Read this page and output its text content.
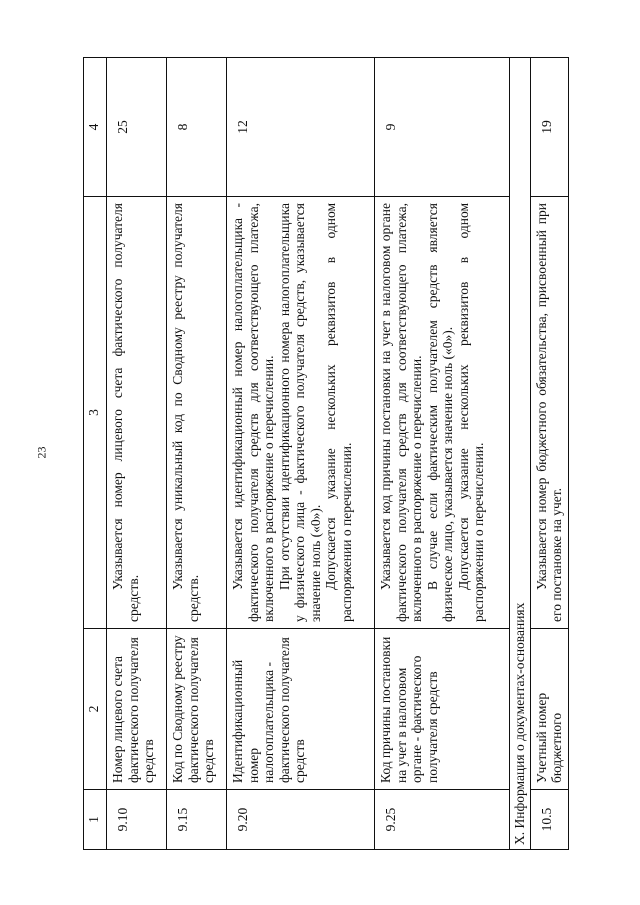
23
1	2	3	4
9.10	Номер лицевого счета фактического получателя средств	Указывается номер лицевого счета фактического получателя средств.	25
9.15	Код по Сводному реестру фактического получателя средств	Указывается уникальный код по Сводному реестру получателя средств.	8
9.20	Идентификационный номер налогоплательщика - фактического получателя средств	Указывается идентификационный номер налогоплательщика - фактического получателя средств для соответствующего платежа, включенного в распоряжение о перечислении. При отсутствии идентификационного номера налогоплательщика у физического лица - фактического получателя средств, указывается значение ноль («0»). Допускается указание нескольких реквизитов в одном распоряжении о перечислении.	12
9.25	Код причины постановки на учет в налоговом органе - фактического получателя средств	Указывается код причины постановки на учет в налоговом органе фактического получателя средств для соответствующего платежа, включенного в распоряжение о перечислении. В случае если фактическим получателем средств является физическое лицо, указывается значение ноль («0»). Допускается указание нескольких реквизитов в одном распоряжении о перечислении.	9
X. Информация о документах-основаниях			
10.5	Учетный номер бюджетного	Указывается номер бюджетного обязательства, присвоенный при его постановке на учет.	19
